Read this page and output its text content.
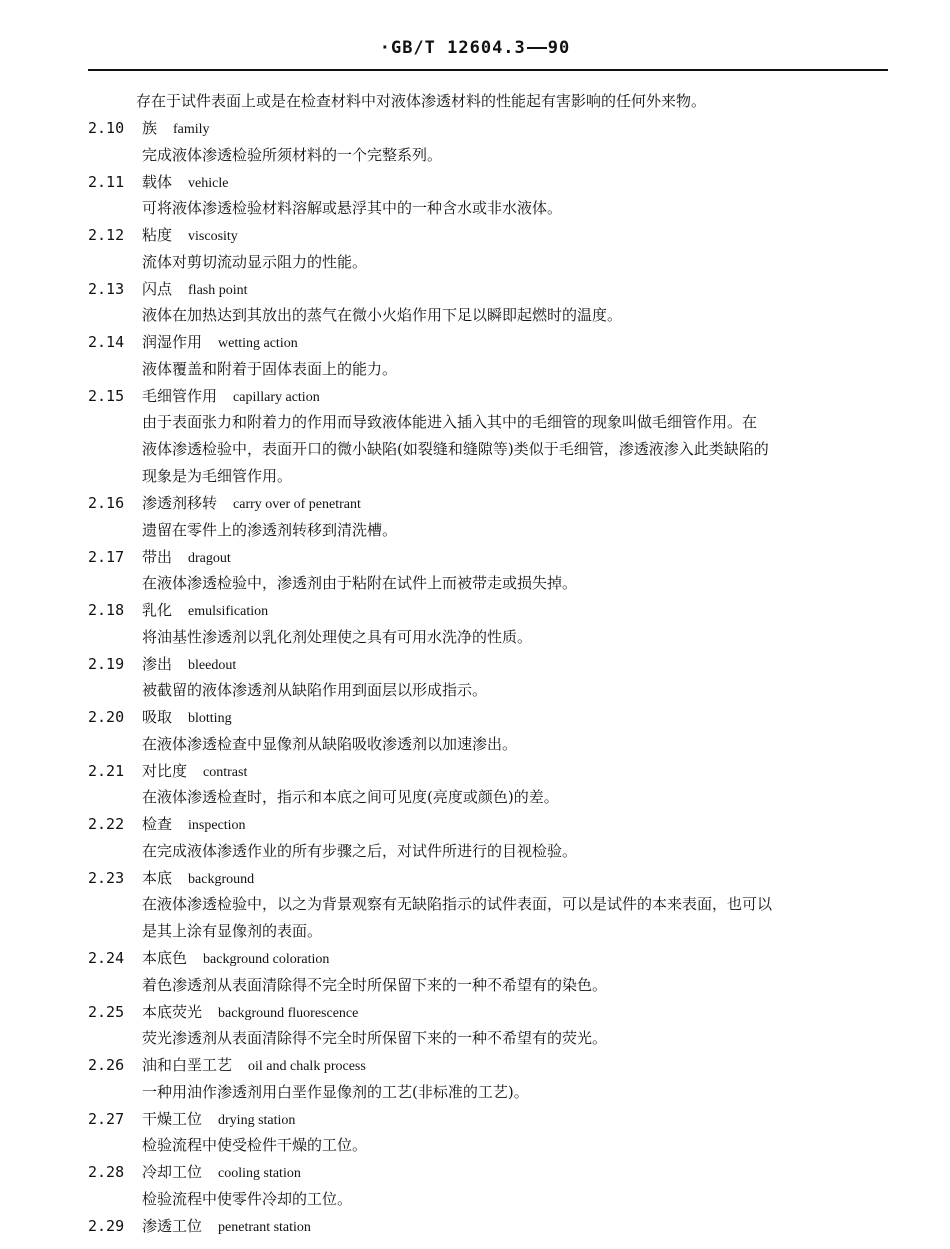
·GB/T 12604.3 90
存在于试件表面上或是在检查材料中对液体渗透材料的性能起有害影响的任何外来物。
2.10	族 family
完成液体渗透检验所须材料的一个完整系列。
2.11	载体 vehicle
可将液体渗透检验材料溶解或悬浮其中的一种含水或非水液体。
2.12	粘度 viscosity
流体对剪切流动显示阻力的性能。
2.13	闪点 flash point
液体在加热达到其放出的蒸气在微小火焰作用下足以瞬即起燃时的温度。
2.14	润湿作用 wetting action
液体覆盖和附着于固体表面上的能力。
2.15	毛细管作用 capillary action
由于表面张力和附着力的作用而导致液体能进入插入其中的毛细管的现象叫做毛细管作用。在
液体渗透检验中，表面开口的微小缺陷(如裂缝和缝隙等)类似于毛细管，渗透液渗入此类缺陷的
现象是为毛细管作用。
2.16	渗透剂移转 carry over of penetrant
遗留在零件上的渗透剂转移到清洗槽。
2.17	带出 dragout
在液体渗透检验中，渗透剂由于粘附在试件上而被带走或损失掉。
2.18	乳化 emulsification
将油基性渗透剂以乳化剂处理使之具有可用水洗净的性质。
2.19	渗出 bleedout
被截留的液体渗透剂从缺陷作用到面层以形成指示。
2.20	吸取 blotting
在液体渗透检查中显像剂从缺陷吸收渗透剂以加速渗出。
2.21	对比度 contrast
在液体渗透检查时，指示和本底之间可见度(亮度或颜色)的差。
2.22	检查 inspection
在完成液体渗透作业的所有步骤之后，对试件所进行的目视检验。
2.23	本底 background
在液体渗透检验中，以之为背景观察有无缺陷指示的试件表面，可以是试件的本来表面，也可以
是其上涂有显像剂的表面。
2.24	本底色 background coloration
着色渗透剂从表面清除得不完全时所保留下来的一种不希望有的染色。
2.25	本底荧光 background fluorescence
荧光渗透剂从表面清除得不完全时所保留下来的一种不希望有的荧光。
2.26	油和白垩工艺 oil and chalk process
一种用油作渗透剂用白垩作显像剂的工艺(非标准的工艺)。
2.27	干燥工位 drying station
检验流程中使受检件干燥的工位。
2.28	冷却工位 cooling station
检验流程中使零件冷却的工位。
2.29	渗透工位 penetrant station
